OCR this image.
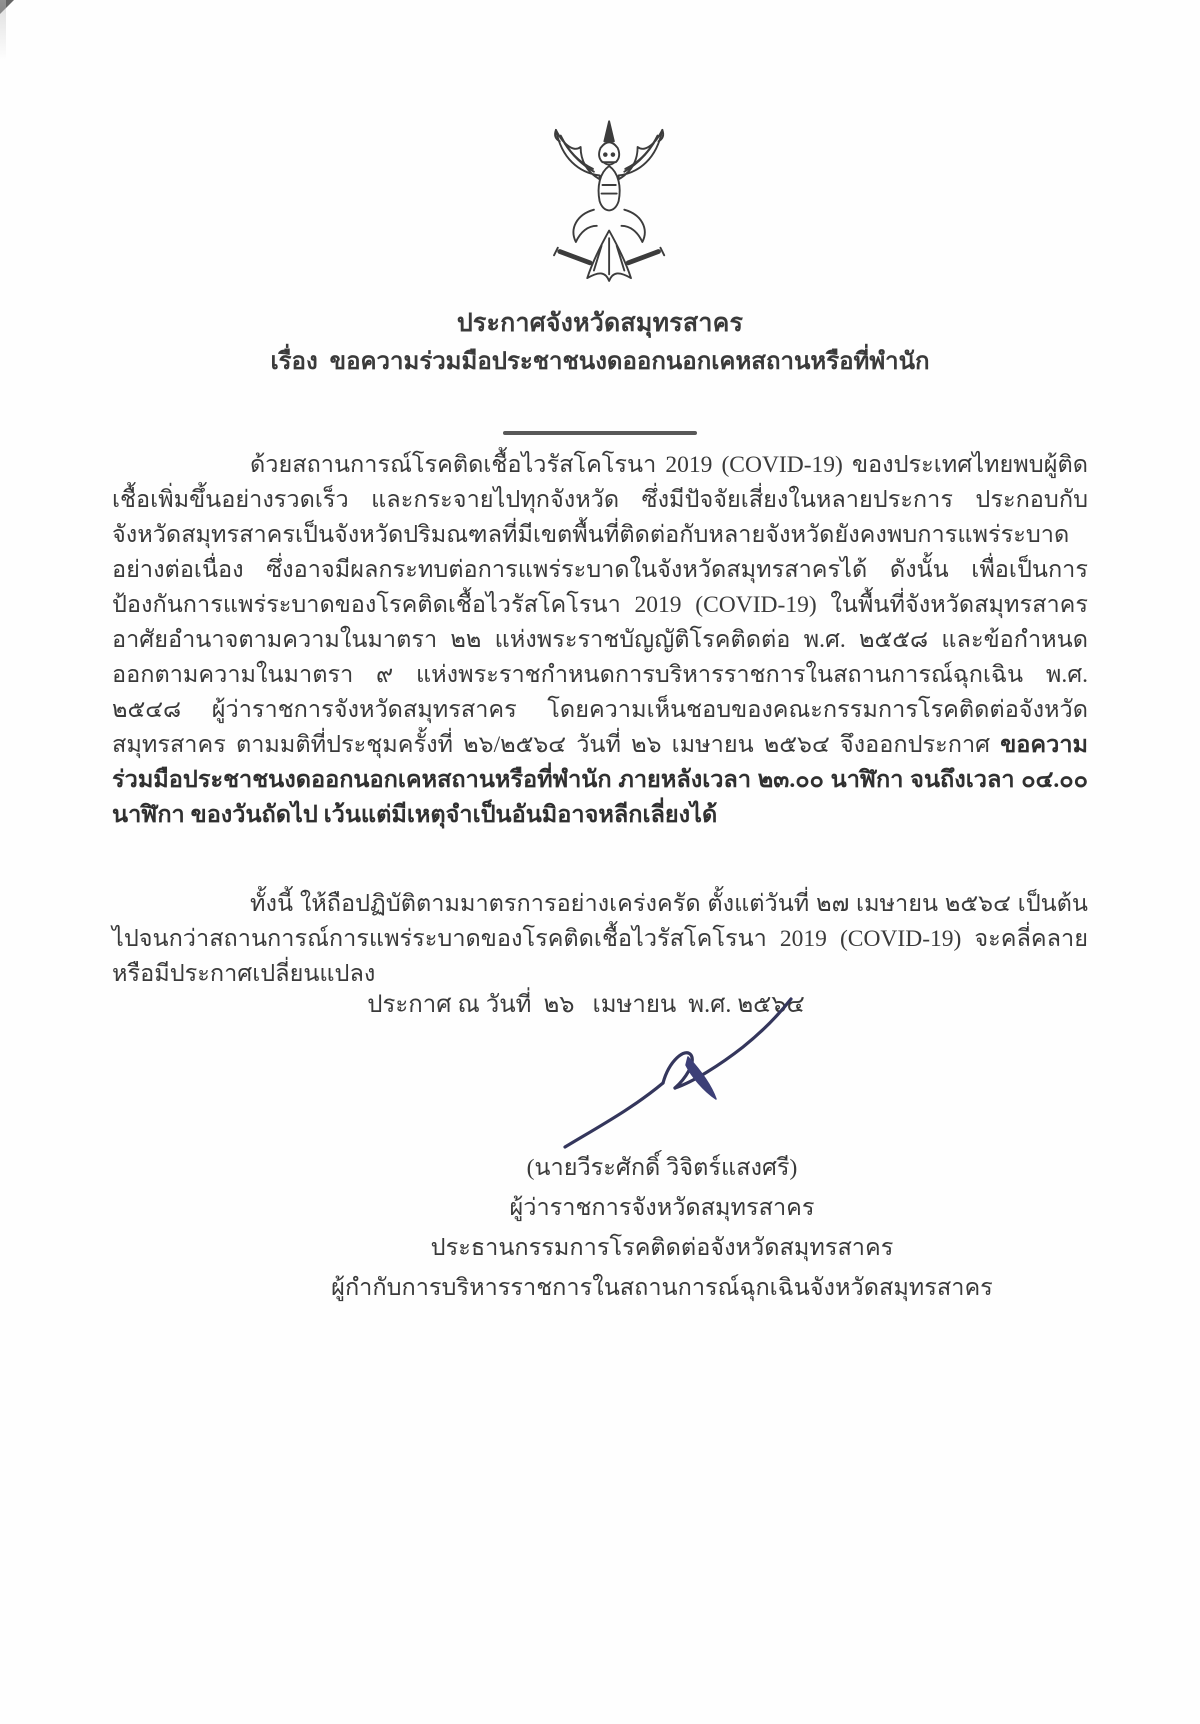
ประกาศจังหวัดสมุทรสาคร
เรื่อง  ขอความร่วมมือประชาชนงดออกนอกเคหสถานหรือที่พำนัก

ด้วยสถานการณ์โรคติดเชื้อไวรัสโคโรนา 2019 (COVID-19) ของประเทศไทยพบผู้ติดเชื้อเพิ่มขึ้นอย่างรวดเร็ว และกระจายไปทุกจังหวัด ซึ่งมีปัจจัยเสี่ยงในหลายประการ ประกอบกับจังหวัดสมุทรสาครเป็นจังหวัดปริมณฑลที่มีเขตพื้นที่ติดต่อกับหลายจังหวัดยังคงพบการแพร่ระบาดอย่างต่อเนื่อง ซึ่งอาจมีผลกระทบต่อการแพร่ระบาดในจังหวัดสมุทรสาครได้ ดังนั้น เพื่อเป็นการป้องกันการแพร่ระบาดของโรคติดเชื้อไวรัสโคโรนา 2019 (COVID-19) ในพื้นที่จังหวัดสมุทรสาคร อาศัยอำนาจตามความในมาตรา ๒๒ แห่งพระราชบัญญัติโรคติดต่อ พ.ศ. ๒๕๕๘ และข้อกำหนดออกตามความในมาตรา ๙ แห่งพระราชกำหนดการบริหารราชการในสถานการณ์ฉุกเฉิน พ.ศ. ๒๕๔๘ ผู้ว่าราชการจังหวัดสมุทรสาคร โดยความเห็นชอบของคณะกรรมการโรคติดต่อจังหวัดสมุทรสาคร ตามมติที่ประชุมครั้งที่ ๒๖/๒๕๖๔ วันที่ ๒๖ เมษายน ๒๕๖๔ จึงออกประกาศ ขอความร่วมมือประชาชนงดออกนอกเคหสถานหรือที่พำนัก ภายหลังเวลา ๒๓.๐๐ นาฬิกา จนถึงเวลา ๐๔.๐๐ นาฬิกา ของวันถัดไป เว้นแต่มีเหตุจำเป็นอันมิอาจหลีกเลี่ยงได้

ทั้งนี้ ให้ถือปฏิบัติตามมาตรการอย่างเคร่งครัด ตั้งแต่วันที่ ๒๗ เมษายน ๒๕๖๔ เป็นต้นไปจนกว่าสถานการณ์การแพร่ระบาดของโรคติดเชื้อไวรัสโคโรนา 2019 (COVID-19) จะคลี่คลายหรือมีประกาศเปลี่ยนแปลง

ประกาศ ณ วันที่  ๒๖   เมษายน  พ.ศ. ๒๕๖๔
(นายวีระศักดิ์ วิจิตร์แสงศรี)
ผู้ว่าราชการจังหวัดสมุทรสาคร
ประธานกรรมการโรคติดต่อจังหวัดสมุทรสาคร
ผู้กำกับการบริหารราชการในสถานการณ์ฉุกเฉินจังหวัดสมุทรสาคร
